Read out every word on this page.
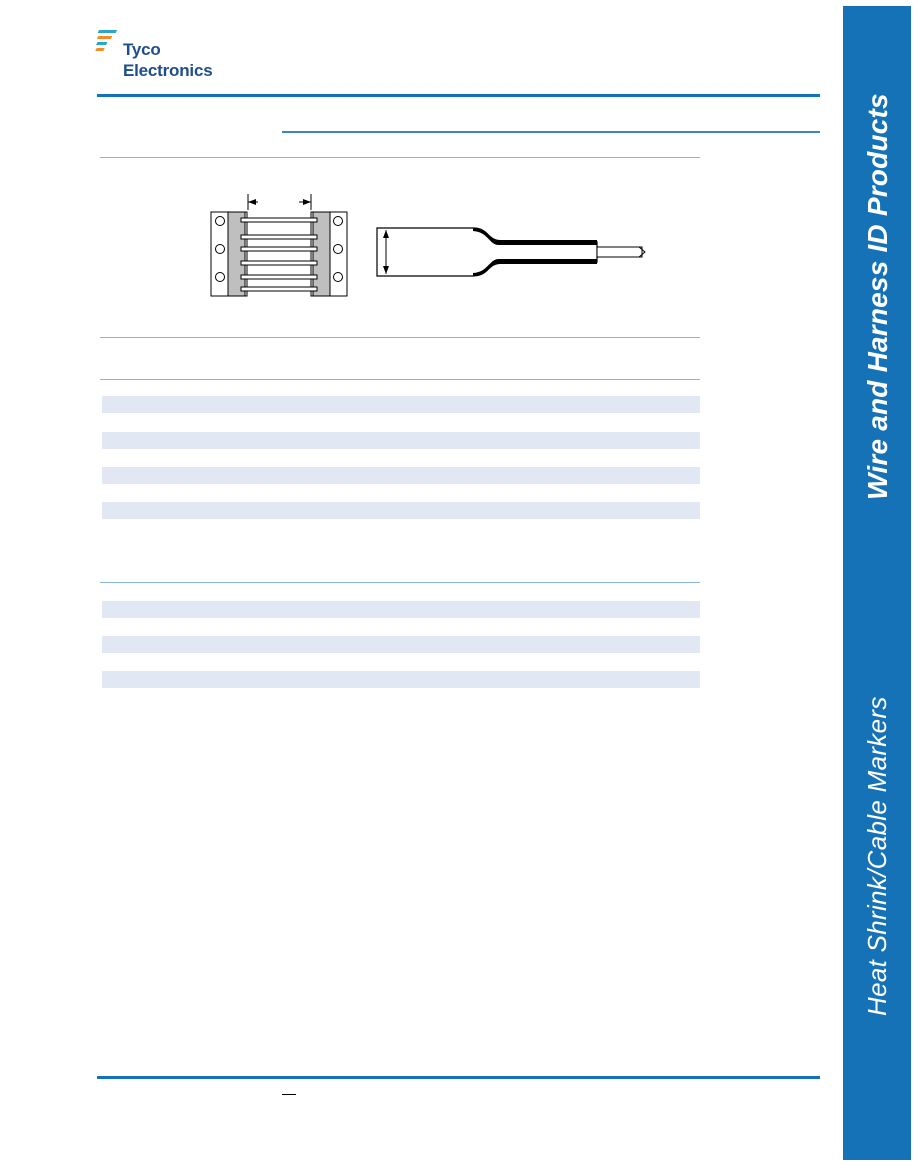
Tyco
Electronics
Wire and Harness ID Products
Heat Shrink/Cable Markers
